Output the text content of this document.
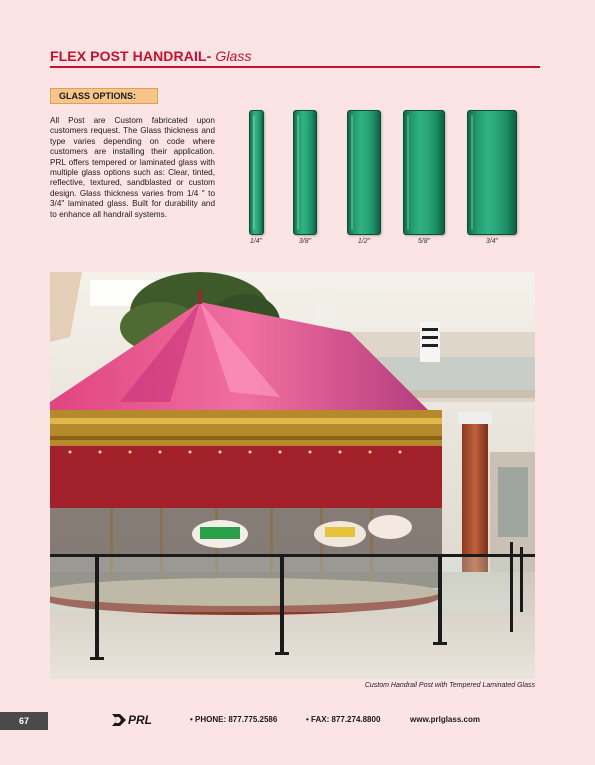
FLEX POST HANDRAIL- Glass
GLASS OPTIONS:
All Post are Custom fabricated upon customers request. The Glass thickness and type varies depending on code where customers are installing their application. PRL offers tempered or laminated glass with multiple glass options such as: Clear, tinted, reflective, textured, sandblasted or custom design. Glass thickness varies from 1/4 " to 3/4" laminated glass. Built for durability and to enhance all handrail systems.
1/4"	3/8"	1/2"	5/8"	3/4"
Custom Handrail Post with Tempered Laminated Glass
67	PRL	• PHONE: 877.775.2586	• FAX: 877.274.8800	www.prlglass.com
